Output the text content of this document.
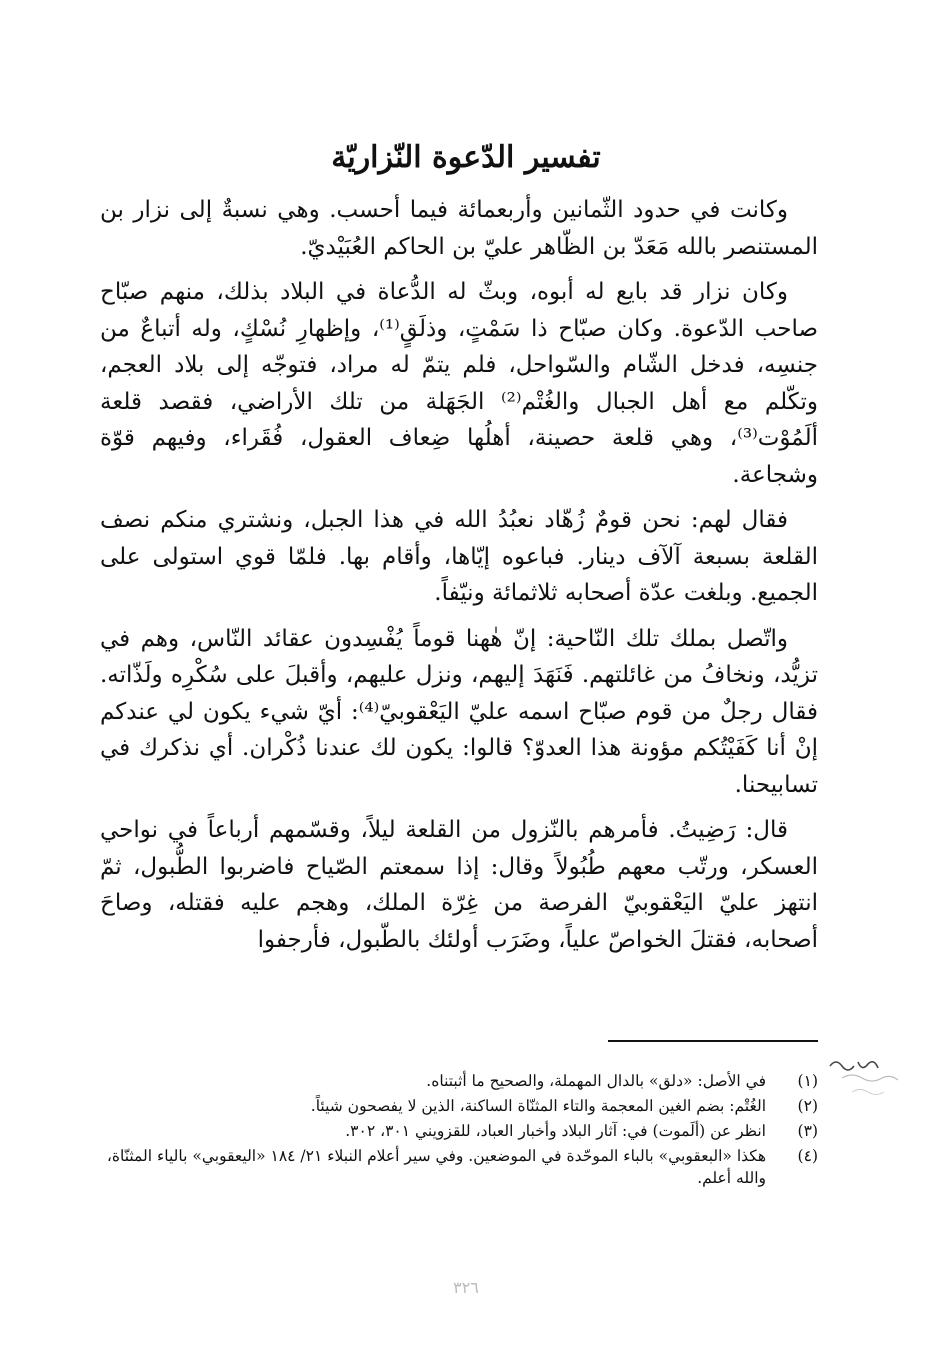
تفسير الدّعوة النّزاريّة

وكانت في حدود الثّمانين وأربعمائة فيما أحسب. وهي نسبةٌ إلى نزار بن المستنصر بالله مَعَدّ بن الظّاهر عليّ بن الحاكم العُبَيْديّ.

وكان نزار قد بايع له أبوه، وبثّ له الدُّعاة في البلاد بذلك، منهم صبّاح صاحب الدّعوة. وكان صبّاح ذا سَمْتٍ، وذلَقٍ⁽¹⁾، وإظهارِ نُسْكٍ، وله أتباعٌ من جنسِه، فدخل الشّام والسّواحل، فلم يتمّ له مراد، فتوجّه إلى بلاد العجم، وتكّلم مع أهل الجبال والغُتْم⁽²⁾ الجَهَلة من تلك الأراضي، فقصد قلعة ألَمُوْت⁽³⁾، وهي قلعة حصينة، أهلُها ضِعاف العقول، فُقَراء، وفيهم قوّة وشجاعة.

فقال لهم: نحن قومٌ زُهّاد نعبُدُ الله في هذا الجبل، ونشتري منكم نصف القلعة بسبعة آلآف دينار. فباعوه إيّاها، وأقام بها. فلمّا قوي استولى على الجميع. وبلغت عدّة أصحابه ثلاثمائة ونيّفاً.

واتّصل بملك تلك النّاحية: إنّ هٰهنا قوماً يُفْسِدون عقائد النّاس، وهم في تزيُّد، ونخافُ من غائلتهم. فَنَهَدَ إليهم، ونزل عليهم، وأقبلَ على سُكْرِه ولَذّاته. فقال رجلٌ من قوم صبّاح اسمه عليّ اليَعْقوبيّ⁽⁴⁾: أيّ شيء يكون لي عندكم إنْ أنا كَفَيْتُكم مؤونة هذا العدوّ؟ قالوا: يكون لك عندنا ذُكْران. أي نذكرك في تسابيحنا.

قال: رَضِيتُ. فأمرهم بالنّزول من القلعة ليلاً، وقسّمهم أرباعاً في نواحي العسكر، ورتّب معهم طُبُولاً وقال: إذا سمعتم الصّياح فاضربوا الطُّبول، ثمّ انتهز عليّ اليَعْقوبيّ الفرصة من غِرّة الملك، وهجم عليه فقتله، وصاحَ أصحابه، فقتلَ الخواصّ علياً، وضَرَب أولئك بالطّبول، فأرجفوا

(١)
في الأصل: «دلق» بالدال المهملة، والصحيح ما أثبتناه.
(٢)
الغُتْم: بضم الغين المعجمة والتاء المثنّاة الساكنة، الذين لا يفصحون شيئاً.
(٣)
انظر عن (ألَموت) في: آثار البلاد وأخبار العباد، للقزويني ٣٠١، ٣٠٢.
(٤)
هكذا «البعقوبي» بالباء الموحّدة في الموضعين. وفي سير أعلام النبلاء ٢١/ ١٨٤ «اليعقوبي» بالياء المثنّاة، والله أعلم.
٣٢٦
